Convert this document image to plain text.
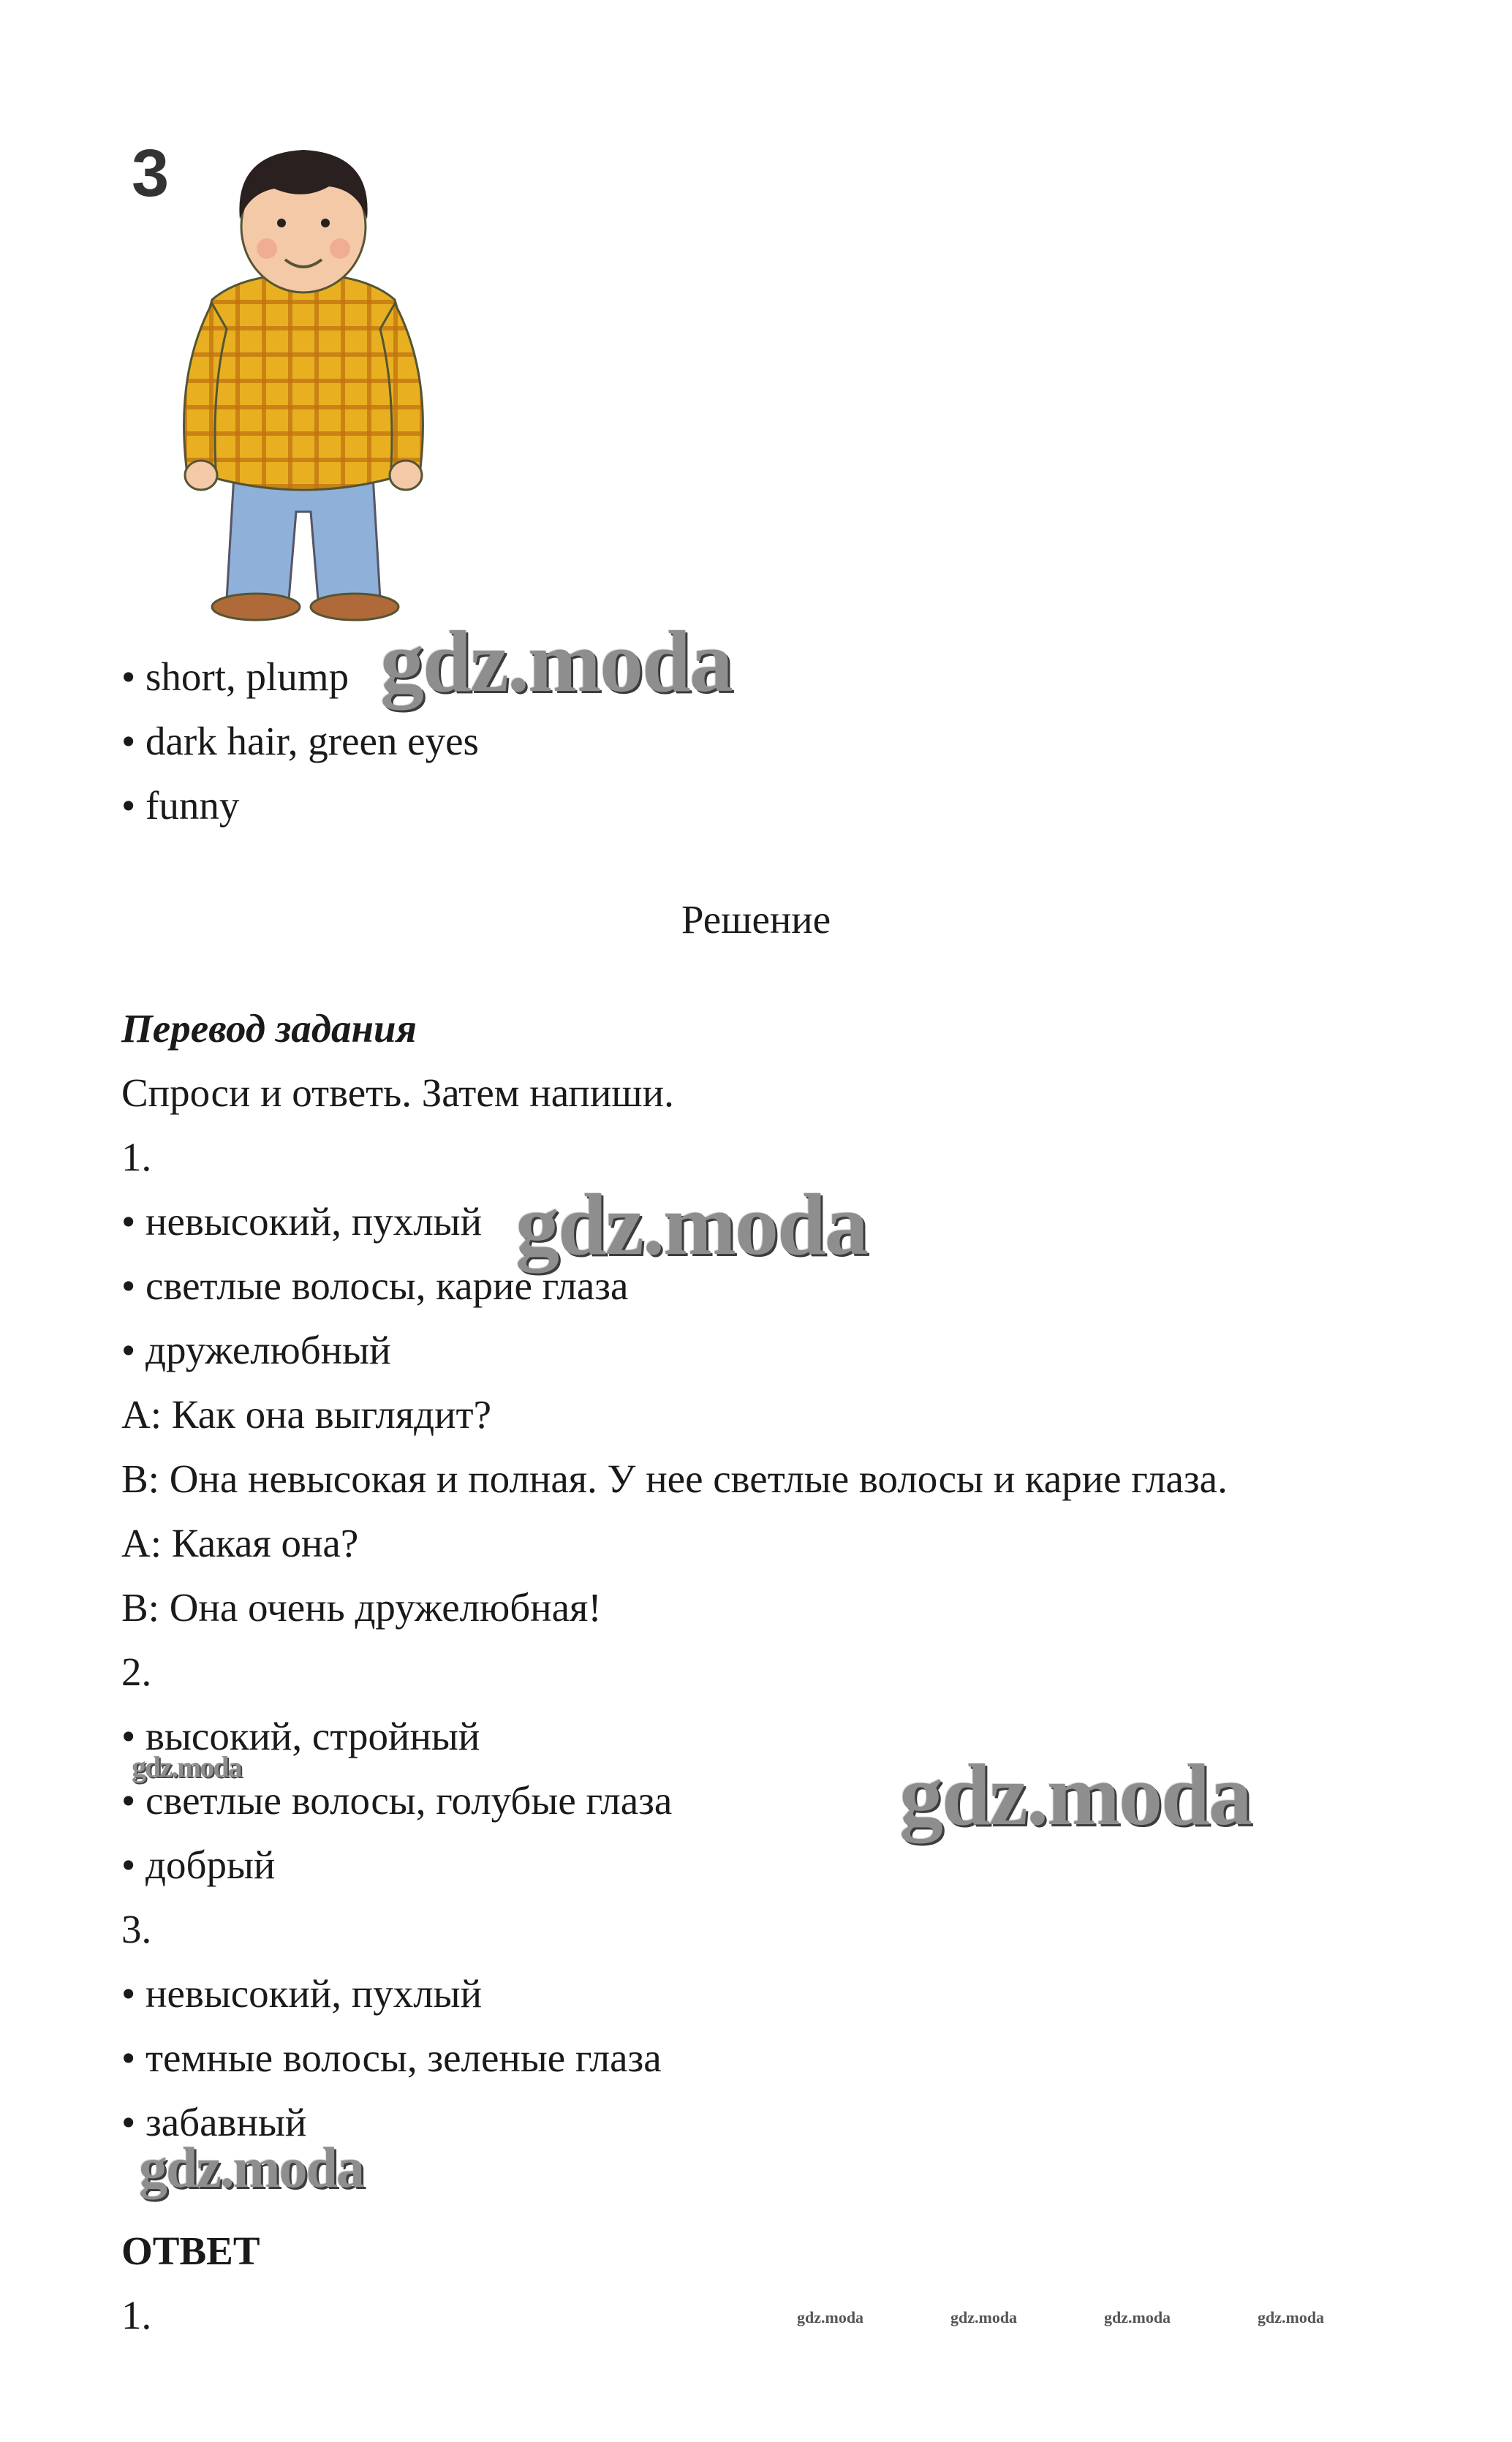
3
• short, plump
• dark hair, green eyes
• funny
Решение
Перевод задания
Спроси и ответь. Затем напиши.
1.
• невысокий, пухлый
• светлые волосы, карие глаза
• дружелюбный
A: Как она выглядит?
B: Она невысокая и полная. У нее светлые волосы и карие глаза.
A: Какая она?
B: Она очень дружелюбная!
2.
• высокий, стройный
• светлые волосы, голубые глаза
• добрый
3.
• невысокий, пухлый
• темные волосы, зеленые глаза
• забавный
ОТВЕТ
1.
gdz.moda
gdz.moda
gdz.moda	gdz.moda
gdz.moda
gdz.moda	gdz.moda	gdz.moda	gdz.moda
